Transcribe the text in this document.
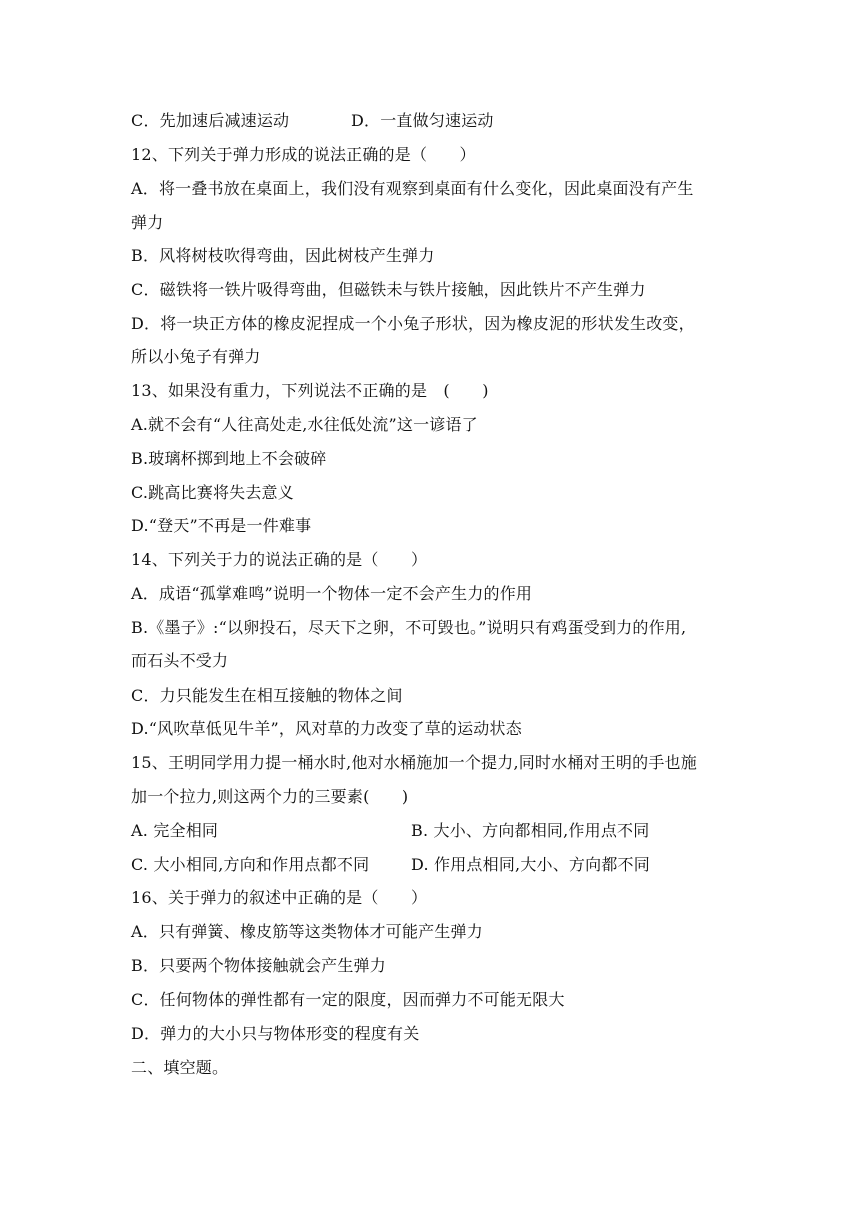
C．先加速后减速运动	D．一直做匀速运动
12、下列关于弹力形成的说法正确的是（　　）
A．将一叠书放在桌面上，我们没有观察到桌面有什么变化，因此桌面没有产生
弹力
B．风将树枝吹得弯曲，因此树枝产生弹力
C．磁铁将一铁片吸得弯曲，但磁铁未与铁片接触，因此铁片不产生弹力
D．将一块正方体的橡皮泥捏成一个小兔子形状，因为橡皮泥的形状发生改变，
所以小兔子有弹力
13、如果没有重力，下列说法不正确的是　(　　)
A.就不会有“人往高处走,水往低处流”这一谚语了
B.玻璃杯掷到地上不会破碎
C.跳高比赛将失去意义
D.“登天”不再是一件难事
14、下列关于力的说法正确的是（　　）
A．成语“孤掌难鸣”说明一个物体一定不会产生力的作用
B.《墨子》:“以卵投石，尽天下之卵，不可毁也。”说明只有鸡蛋受到力的作用,
而石头不受力
C．力只能发生在相互接触的物体之间
D.“风吹草低见牛羊”，风对草的力改变了草的运动状态
15、王明同学用力提一桶水时,他对水桶施加一个提力,同时水桶对王明的手也施
加一个拉力,则这两个力的三要素(　　)
A. 完全相同	B. 大小、方向都相同,作用点不同
C. 大小相同,方向和作用点都不同	D. 作用点相同,大小、方向都不同
16、关于弹力的叙述中正确的是（　　）
A．只有弹簧、橡皮筋等这类物体才可能产生弹力
B．只要两个物体接触就会产生弹力
C．任何物体的弹性都有一定的限度，因而弹力不可能无限大
D．弹力的大小只与物体形变的程度有关
二、填空题。
